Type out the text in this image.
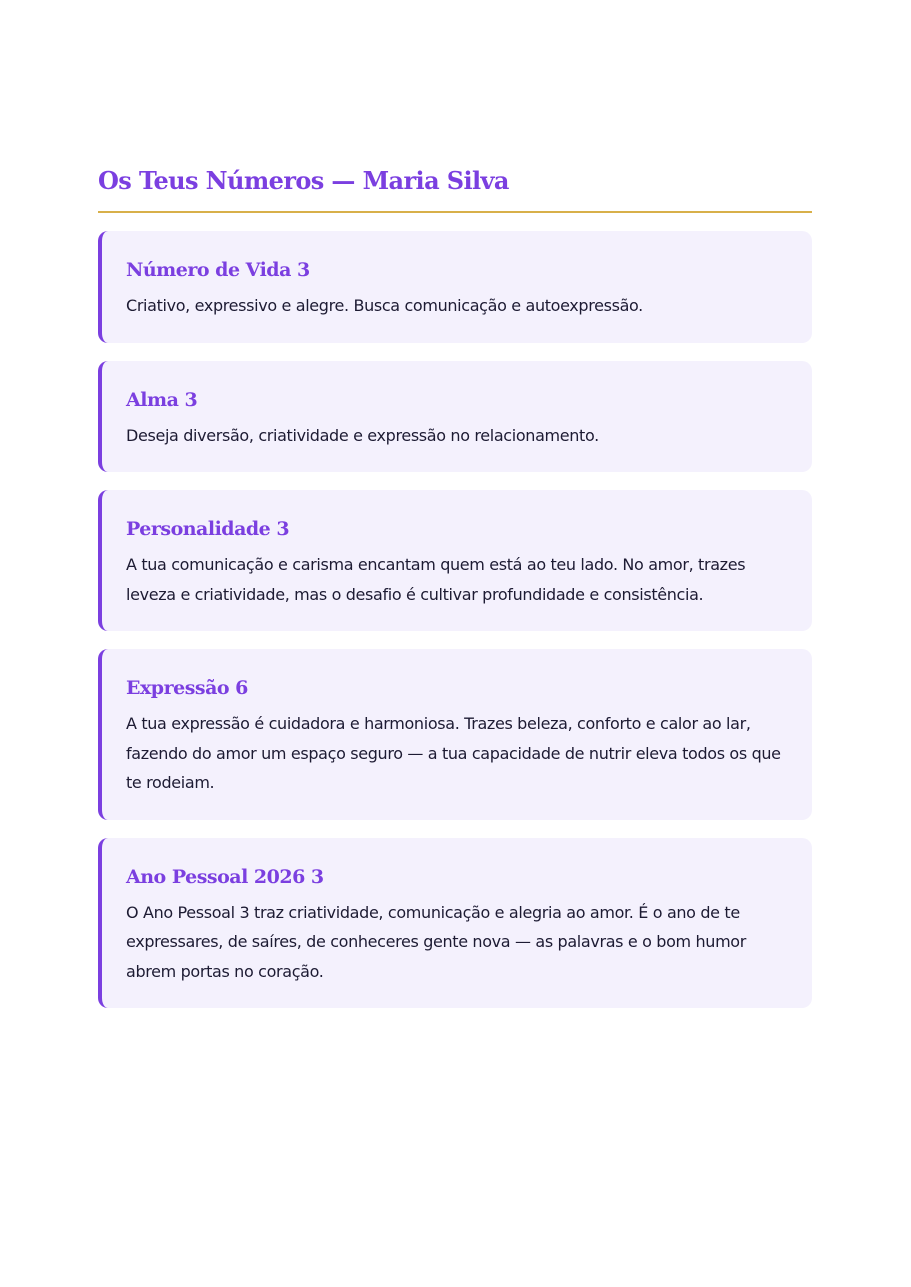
Os Teus Números — Maria Silva
Número de Vida 3

Criativo, expressivo e alegre. Busca comunicação e autoexpressão.

Alma 3

Deseja diversão, criatividade e expressão no relacionamento.

Personalidade 3

A tua comunicação e carisma encantam quem está ao teu lado. No amor, trazes leveza e criatividade, mas o desafio é cultivar profundidade e consistência.

Expressão 6

A tua expressão é cuidadora e harmoniosa. Trazes beleza, conforto e calor ao lar, fazendo do amor um espaço seguro — a tua capacidade de nutrir eleva todos os que te rodeiam.

Ano Pessoal 2026 3

O Ano Pessoal 3 traz criatividade, comunicação e alegria ao amor. É o ano de te expressares, de saíres, de conheceres gente nova — as palavras e o bom humor abrem portas no coração.
